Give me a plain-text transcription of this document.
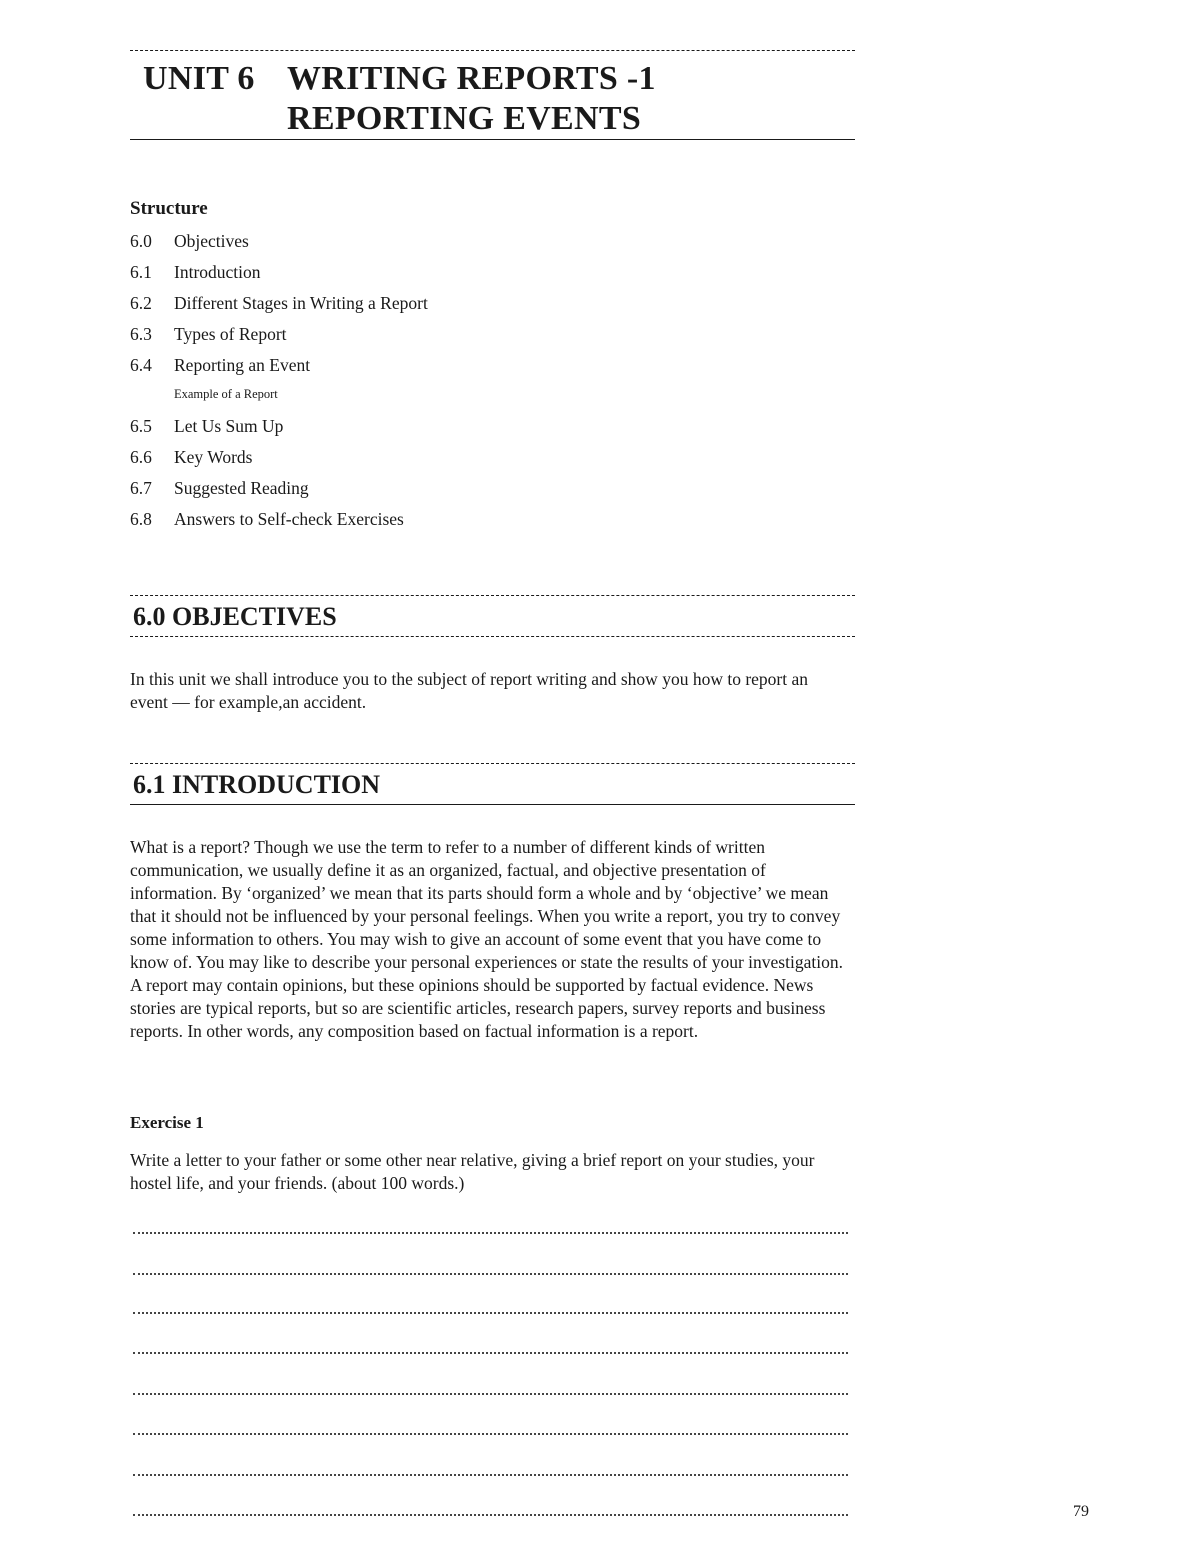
UNIT 6 WRITING REPORTS -1
REPORTING EVENTS
Structure
6.0 Objectives
6.1 Introduction
6.2 Different Stages in Writing a Report
6.3 Types of Report
6.4 Reporting an Event
Example of a Report
6.5 Let Us Sum Up
6.6 Key Words
6.7 Suggested Reading
6.8 Answers to Self-check Exercises
6.0 OBJECTIVES
In this unit we shall introduce you to the subject of report writing and show you how to report an event — for example,an accident.
6.1 INTRODUCTION
What is a report? Though we use the term to refer to a number of different kinds of written communication, we usually define it as an organized, factual, and objective presentation of information. By ‘organized’ we mean that its parts should form a whole and by ‘objective’ we mean that it should not be influenced by your personal feelings. When you write a report, you try to convey some information to others. You may wish to give an account of some event that you have come to know of. You may like to describe your personal experiences or state the results of your investigation. A report may contain opinions, but these opinions should be supported by factual evidence. News stories are typical reports, but so are scientific articles, research papers, survey reports and business reports. In other words, any composition based on factual information is a report.
Exercise 1
Write a letter to your father or some other near relative, giving a brief report on your studies, your hostel life, and your friends. (about 100 words.)
79
